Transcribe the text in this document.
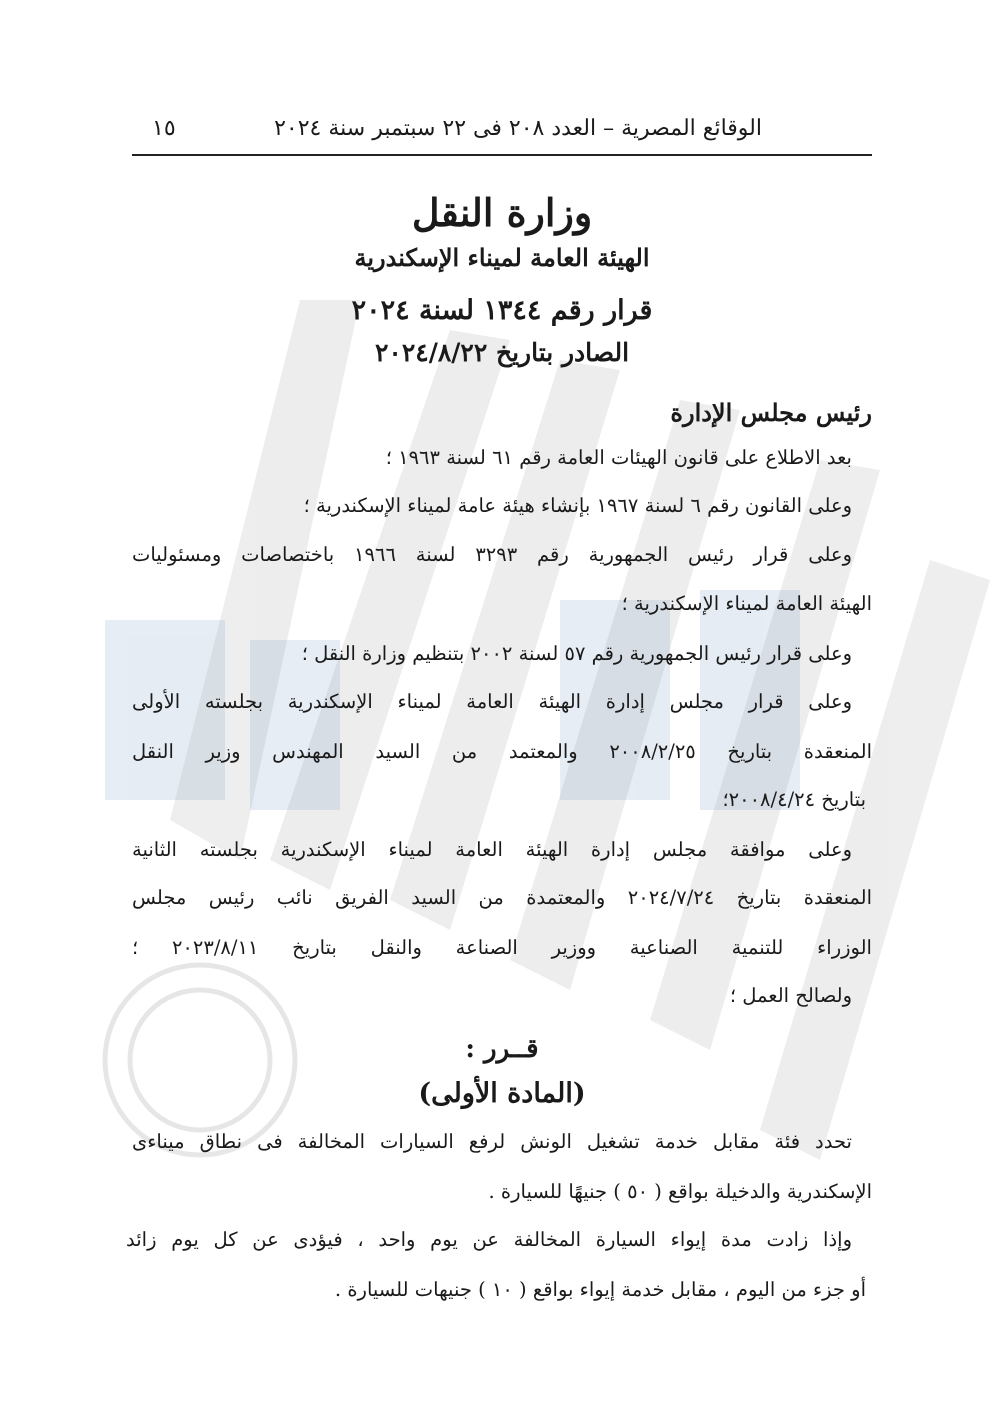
الوقائع المصرية – العدد ٢٠٨ فى ٢٢ سبتمبر سنة ٢٠٢٤
١٥
وزارة النقل
الهيئة العامة لميناء الإسكندرية
قرار رقم ١٣٤٤ لسنة ٢٠٢٤
الصادر بتاريخ ٢٠٢٤/٨/٢٢
رئيس مجلس الإدارة
بعد الاطلاع على قانون الهيئات العامة رقم ٦١ لسنة ١٩٦٣ ؛
وعلى القانون رقم ٦ لسنة ١٩٦٧ بإنشاء هيئة عامة لميناء الإسكندرية ؛
وعلى قرار رئيس الجمهورية رقم ٣٢٩٣ لسنة ١٩٦٦ باختصاصات ومسئوليات
الهيئة العامة لميناء الإسكندرية ؛
وعلى قرار رئيس الجمهورية رقم ٥٧ لسنة ٢٠٠٢ بتنظيم وزارة النقل ؛
وعلى قرار مجلس إدارة الهيئة العامة لميناء الإسكندرية بجلسته الأولى
المنعقدة بتاريخ ٢٠٠٨/٢/٢٥ والمعتمد من السيد المهندس وزير النقل
بتاريخ ٢٠٠٨/٤/٢٤؛
وعلى موافقة مجلس إدارة الهيئة العامة لميناء الإسكندرية بجلسته الثانية
المنعقدة بتاريخ ٢٠٢٤/٧/٢٤ والمعتمدة من السيد الفريق نائب رئيس مجلس
الوزراء للتنمية الصناعية ووزير الصناعة والنقل بتاريخ ٢٠٢٣/٨/١١ ؛
ولصالح العمل ؛
قــرر :
(المادة الأولى)
تحدد فئة مقابل خدمة تشغيل الونش لرفع السيارات المخالفة فى نطاق ميناءى
الإسكندرية والدخيلة بواقع ( ٥٠ ) جنيهًا للسيارة .
وإذا زادت مدة إيواء السيارة المخالفة عن يوم واحد ، فيؤدى عن كل يوم زائد
أو جزء من اليوم ، مقابل خدمة إيواء بواقع ( ١٠ ) جنيهات للسيارة .
